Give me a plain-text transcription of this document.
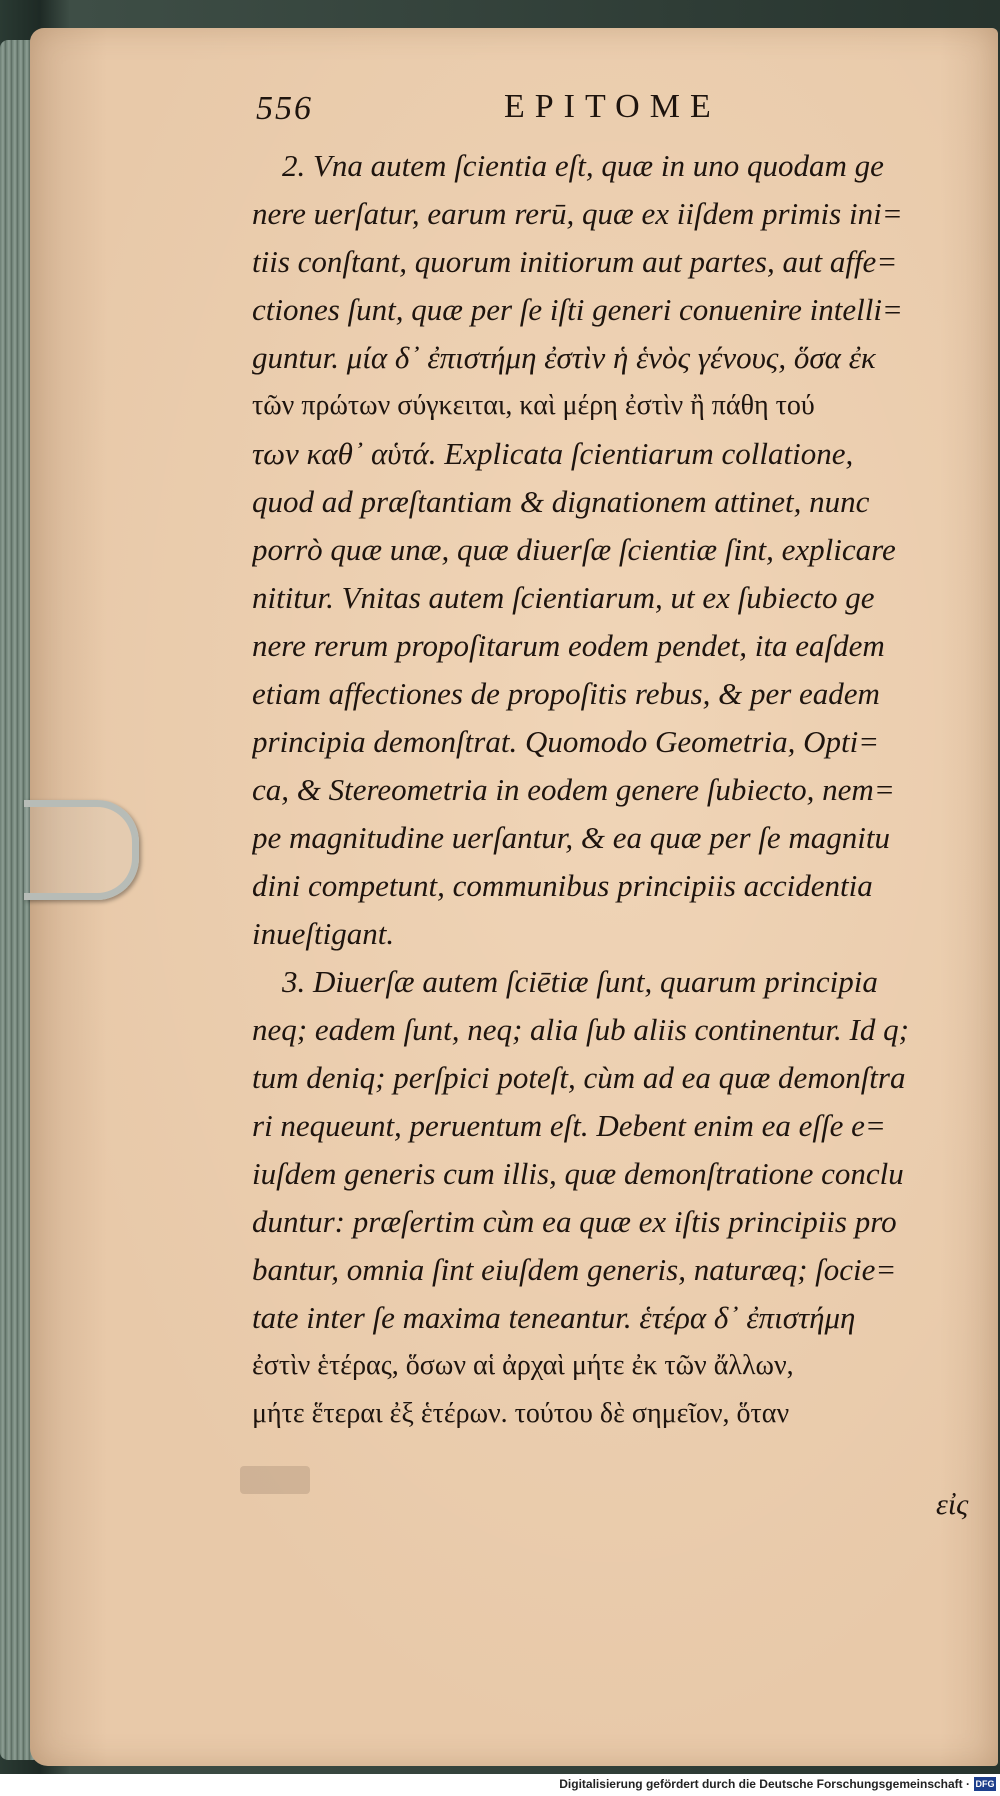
556	EPITOME
2. Vna autem ſcientia eſt, quæ in uno quodam ge
nere uerſatur, earum rerū, quæ ex iiſdem primis ini=
tiis conſtant, quorum initiorum aut partes, aut affe=
ctiones ſunt, quæ per ſe iſti generi conuenire intelli=
guntur. μία δ᾽ ἐπιστήμη ἐστὶν ἡ ἑνὸς γένους, ὅσα ἐκ
τῶν πρώτων σύγκειται, καὶ μέρη ἐστὶν ἢ πάθη τού
των καθ᾽ αὑτά. Explicata ſcientiarum collatione,
quod ad præſtantiam & dignationem attinet, nunc
porrò quæ unæ, quæ diuerſæ ſcientiæ ſint, explicare
nititur. Vnitas autem ſcientiarum, ut ex ſubiecto ge
nere rerum propoſitarum eodem pendet, ita eaſdem
etiam affectiones de propoſitis rebus, & per eadem
principia demonſtrat. Quomodo Geometria, Opti=
ca, & Stereometria in eodem genere ſubiecto, nem=
pe magnitudine uerſantur, & ea quæ per ſe magnitu
dini competunt, communibus principiis accidentia
inueſtigant.
3. Diuerſæ autem ſciētiæ ſunt, quarum principia
neq; eadem ſunt, neq; alia ſub aliis continentur. Id q;
tum deniq; perſpici poteſt, cùm ad ea quæ demonſtra
ri nequeunt, peruentum eſt. Debent enim ea eſſe e=
iuſdem generis cum illis, quæ demonſtratione conclu
duntur: præſertim cùm ea quæ ex iſtis principiis pro
bantur, omnia ſint eiuſdem generis, naturæq; ſocie=
tate inter ſe maxima teneantur. ἑτέρα δ᾽ ἐπιστήμη
ἐστὶν ἑτέρας, ὅσων αἱ ἀρχαὶ μήτε ἐκ τῶν ἄλλων,
μήτε ἕτεραι ἐξ ἑτέρων. τούτου δὲ σημεῖον, ὅταν
εἰς
Digitalisierung gefördert durch die Deutsche Forschungsgemeinschaft · DFG
